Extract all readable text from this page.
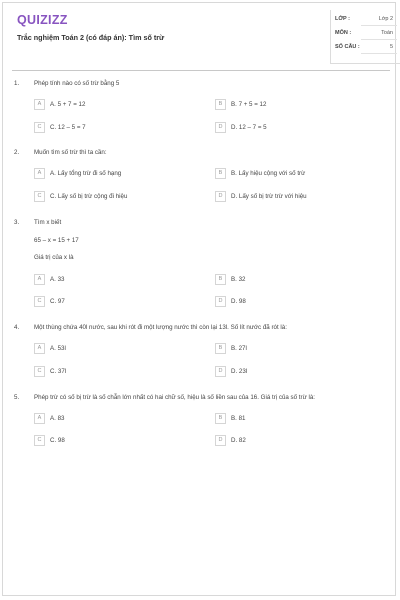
QUIZIZZ
Trắc nghiệm Toán 2 (có đáp án): Tìm số trừ
LỚP :	Lớp 2
MÔN :	Toán
SỐ CÂU :	5
1. Phép tính nào có số trừ bằng 5
A	A. 5 + 7 = 12	B	B. 7 + 5 = 12
C	C. 12 – 5 = 7	D	D. 12 – 7 = 5
2. Muốn tìm số trừ thì ta cần:
A	A. Lấy tổng trừ đi số hạng	B	B. Lấy hiệu cộng với số trừ
C	C. Lấy số bị trừ cộng đi hiệu	D	D. Lấy số bị trừ trừ với hiệu
3. Tìm x biết
65 – x = 15 + 17
Giá trị của x là
A	A. 33	B	B. 32
C	C. 97	D	D. 98
4. Một thùng chứa 40l nước, sau khi rót đi một lượng nước thì còn lại 13l. Số lít nước đã rót là:
A	A. 53l	B	B. 27l
C	C. 37l	D	D. 23l
5. Phép trừ có số bị trừ là số chẵn lớn nhất có hai chữ số, hiệu là số liền sau của 16. Giá trị của số trừ là:
A	A. 83	B	B. 81
C	C. 98	D	D. 82
